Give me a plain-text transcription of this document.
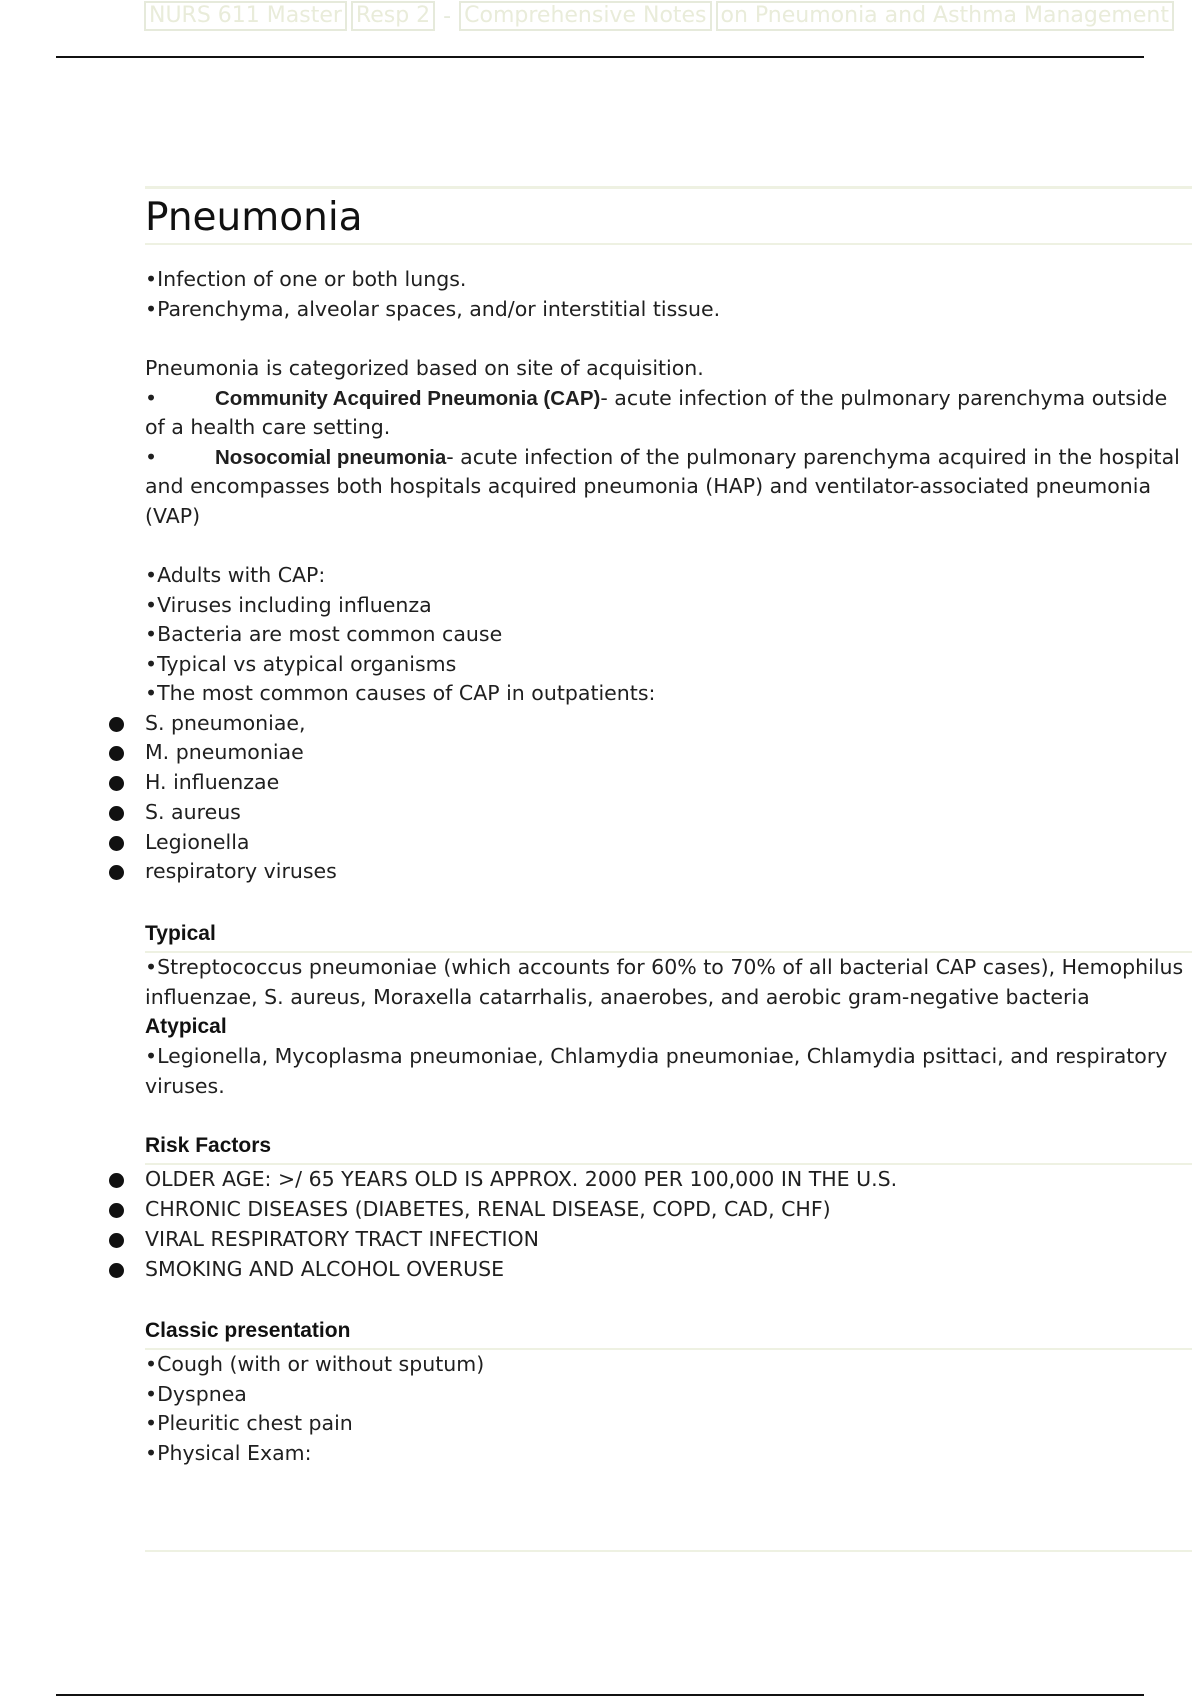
NURS 611 Master Resp 2 - Comprehensive Notes on Pneumonia and Asthma Management
Pneumonia

•Infection of one or both lungs.

•Parenchyma, alveolar spaces, and/or interstitial tissue.

Pneumonia is categorized based on site of acquisition.

•	Community Acquired Pneumonia (CAP)- acute infection of the pulmonary parenchyma outside of a health care setting.

•	Nosocomial pneumonia- acute infection of the pulmonary parenchyma acquired in the hospital and encompasses both hospitals acquired pneumonia (HAP) and ventilator-associated pneumonia (VAP)

•Adults with CAP:

•Viruses including influenza

•Bacteria are most common cause

•Typical vs atypical organisms

•The most common causes of CAP in outpatients:

S. pneumoniae,
M. pneumoniae
H. influenzae
S. aureus
Legionella
respiratory viruses
Typical

•Streptococcus pneumoniae (which accounts for 60% to 70% of all bacterial CAP cases), Hemophilus influenzae, S. aureus, Moraxella catarrhalis, anaerobes, and aerobic gram-negative bacteria

Atypical

•Legionella, Mycoplasma pneumoniae, Chlamydia pneumoniae, Chlamydia psittaci, and respiratory viruses.

Risk Factors
OLDER AGE: >/ 65 YEARS OLD IS APPROX. 2000 PER 100,000 IN THE U.S.
CHRONIC DISEASES (DIABETES, RENAL DISEASE, COPD, CAD, CHF)
VIRAL RESPIRATORY TRACT INFECTION
SMOKING AND ALCOHOL OVERUSE
Classic presentation

•Cough (with or without sputum)

•Dyspnea

•Pleuritic chest pain

•Physical Exam:
